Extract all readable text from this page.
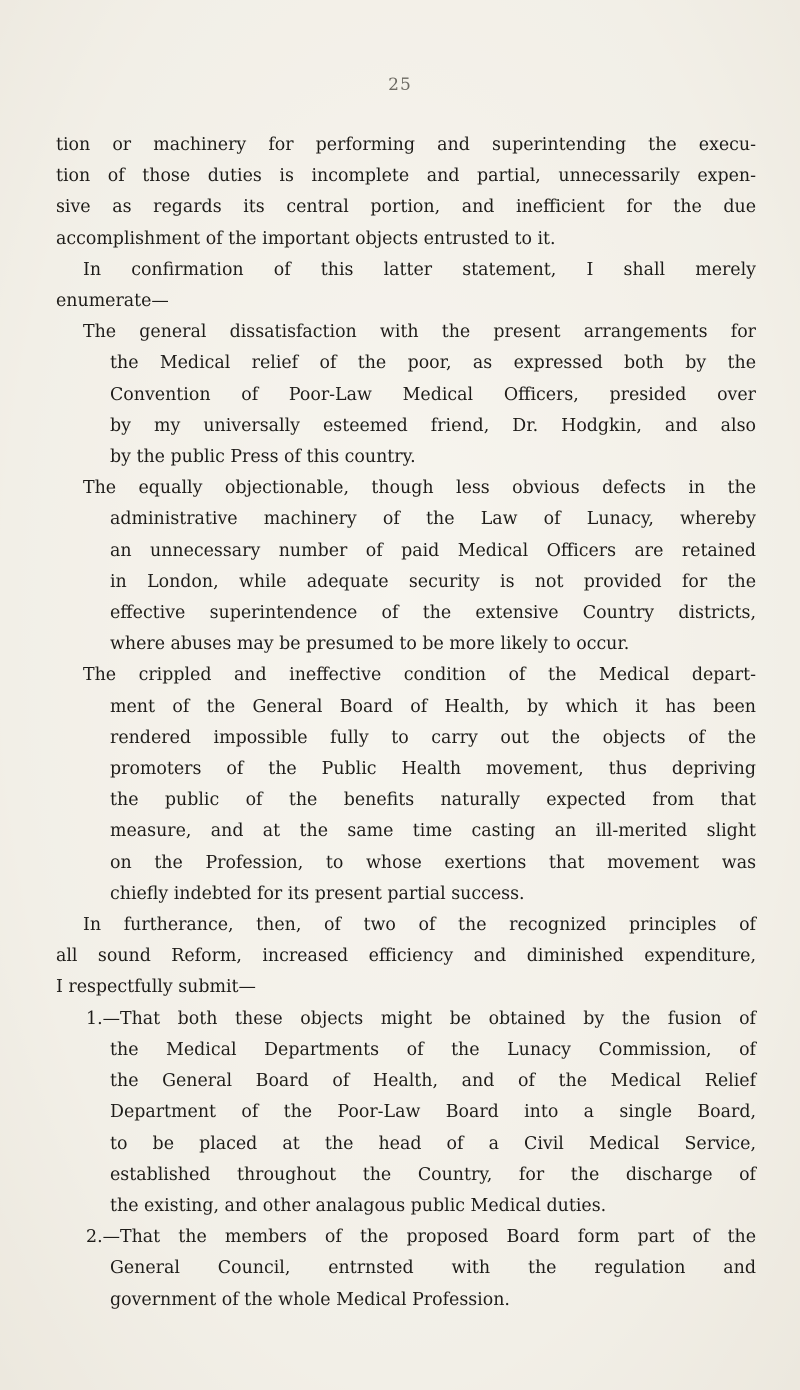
25

tion or machinery for performing and superintending the execu-

tion of those duties is incomplete and partial, unnecessarily expen-

sive as regards its central portion, and inefficient for the due

accomplishment of the important objects entrusted to it.

In confirmation of this latter statement, I shall merely

enumerate—

The general dissatisfaction with the present arrangements for

the Medical relief of the poor, as expressed both by the

Convention of Poor-Law Medical Officers, presided over

by my universally esteemed friend, Dr. Hodgkin, and also

by the public Press of this country.

The equally objectionable, though less obvious defects in the

administrative machinery of the Law of Lunacy, whereby

an unnecessary number of paid Medical Officers are retained

in London, while adequate security is not provided for the

effective superintendence of the extensive Country districts,

where abuses may be presumed to be more likely to occur.

The crippled and ineffective condition of the Medical depart-

ment of the General Board of Health, by which it has been

rendered impossible fully to carry out the objects of the

promoters of the Public Health movement, thus depriving

the public of the benefits naturally expected from that

measure, and at the same time casting an ill-merited slight

on the Profession, to whose exertions that movement was

chiefly indebted for its present partial success.

In furtherance, then, of two of the recognized principles of

all sound Reform, increased efficiency and diminished expenditure,

I respectfully submit—

1.—That both these objects might be obtained by the fusion of

the Medical Departments of the Lunacy Commission, of

the General Board of Health, and of the Medical Relief

Department of the Poor-Law Board into a single Board,

to be placed at the head of a Civil Medical Service,

established throughout the Country, for the discharge of

the existing, and other analagous public Medical duties.

2.—That the members of the proposed Board form part of the

General Council, entrnsted with the regulation and

government of the whole Medical Profession.
